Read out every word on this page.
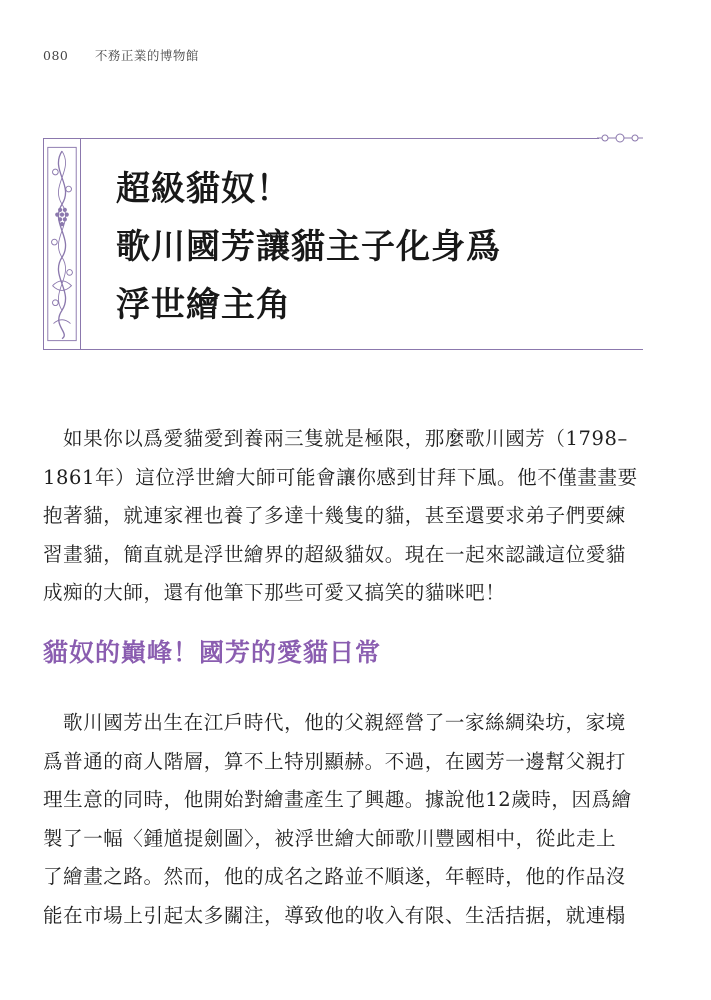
080 不務正業的博物館
超級貓奴！
歌川國芳讓貓主子化身爲
浮世繪主角

如果你以爲愛貓愛到養兩三隻就是極限，那麼歌川國芳（1798–
1861年）這位浮世繪大師可能會讓你感到甘拜下風。他不僅畫畫要
抱著貓，就連家裡也養了多達十幾隻的貓，甚至還要求弟子們要練
習畫貓，簡直就是浮世繪界的超級貓奴。現在一起來認識這位愛貓
成痴的大師，還有他筆下那些可愛又搞笑的貓咪吧！

貓奴的巔峰！國芳的愛貓日常

歌川國芳出生在江戶時代，他的父親經營了一家絲綢染坊，家境
爲普通的商人階層，算不上特別顯赫。不過，在國芳一邊幫父親打
理生意的同時，他開始對繪畫產生了興趣。據說他12歲時，因爲繪
製了一幅〈鍾馗提劍圖〉，被浮世繪大師歌川豐國相中，從此走上
了繪畫之路。然而，他的成名之路並不順遂，年輕時，他的作品沒
能在市場上引起太多關注，導致他的收入有限、生活拮据，就連榻
